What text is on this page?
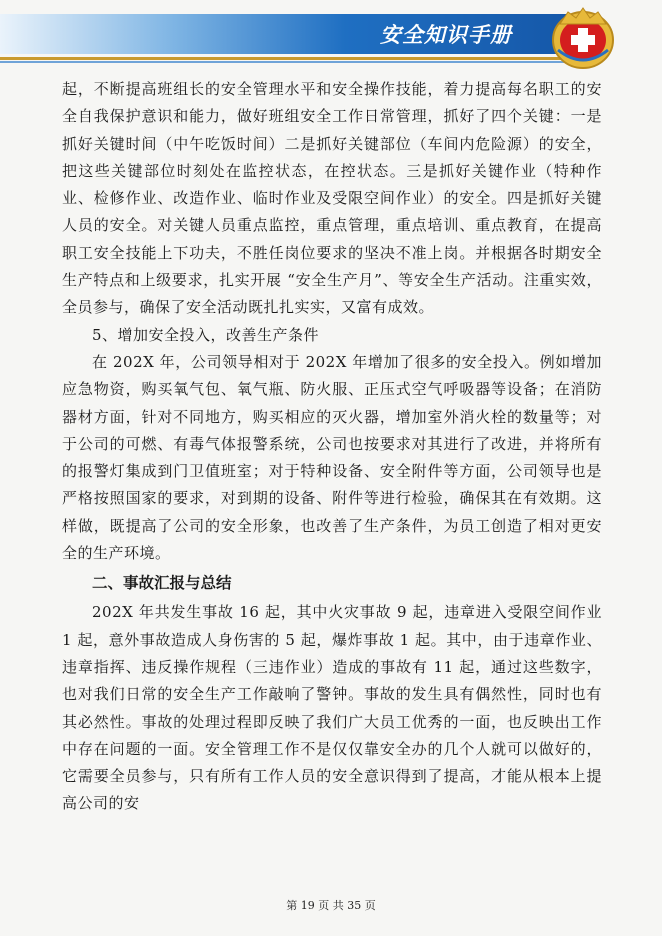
安全知识手册

起，不断提高班组长的安全管理水平和安全操作技能，着力提高每名职工的安全自我保护意识和能力，做好班组安全工作日常管理，抓好了四个关键：一是抓好关键时间（中午吃饭时间）二是抓好关键部位（车间内危险源）的安全，把这些关键部位时刻处在监控状态，在控状态。三是抓好关键作业（特种作业、检修作业、改造作业、临时作业及受限空间作业）的安全。四是抓好关键人员的安全。对关键人员重点监控，重点管理，重点培训、重点教育，在提高职工安全技能上下功夫，不胜任岗位要求的坚决不准上岗。并根据各时期安全生产特点和上级要求，扎实开展 “安全生产月”、等安全生产活动。注重实效，全员参与，确保了安全活动既扎扎实实，又富有成效。

5、增加安全投入，改善生产条件

在 202X 年，公司领导相对于 202X 年增加了很多的安全投入。例如增加应急物资，购买氧气包、氧气瓶、防火服、正压式空气呼吸器等设备；在消防器材方面，针对不同地方，购买相应的灭火器，增加室外消火栓的数量等；对于公司的可燃、有毒气体报警系统，公司也按要求对其进行了改进，并将所有的报警灯集成到门卫值班室；对于特种设备、安全附件等方面，公司领导也是严格按照国家的要求，对到期的设备、附件等进行检验，确保其在有效期。这样做，既提高了公司的安全形象，也改善了生产条件，为员工创造了相对更安全的生产环境。

二、事故汇报与总结

202X 年共发生事故 16 起，其中火灾事故 9 起，违章进入受限空间作业 1 起，意外事故造成人身伤害的 5 起，爆炸事故 1 起。其中，由于违章作业、违章指挥、违反操作规程（三违作业）造成的事故有 11 起，通过这些数字，也对我们日常的安全生产工作敲响了警钟。事故的发生具有偶然性，同时也有其必然性。事故的处理过程即反映了我们广大员工优秀的一面，也反映出工作中存在问题的一面。安全管理工作不是仅仅靠安全办的几个人就可以做好的，它需要全员参与，只有所有工作人员的安全意识得到了提高，才能从根本上提高公司的安

第 19 页 共 35 页
